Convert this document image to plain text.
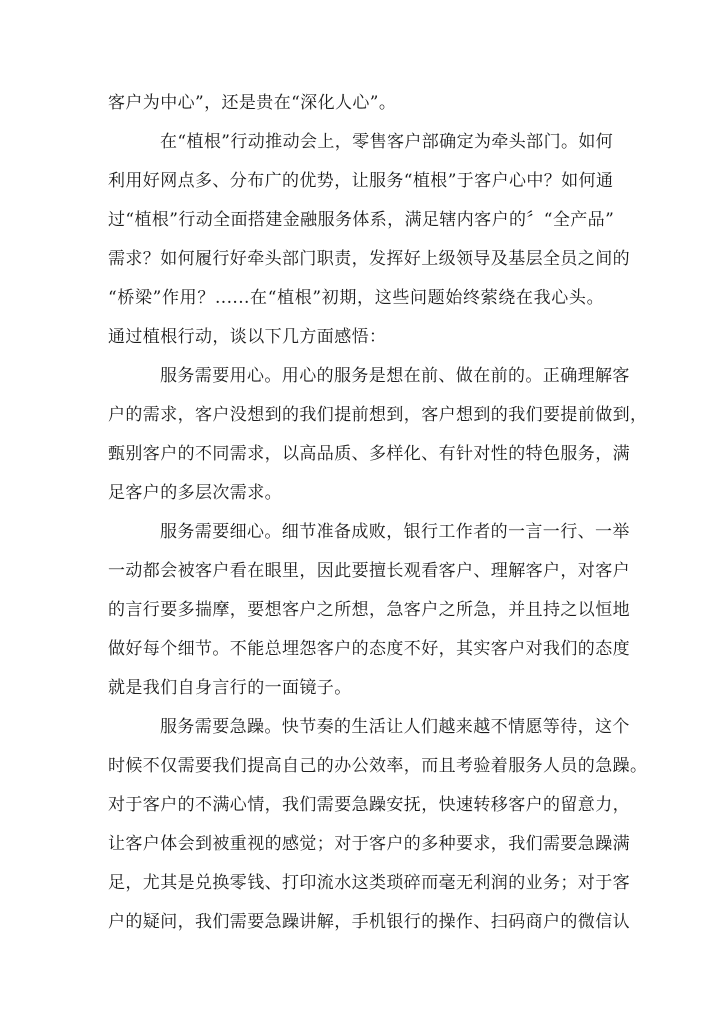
客户为中心”，还是贵在“深化人心”。
在“植根”行动推动会上，零售客户部确定为牵头部门。如何
利用好网点多、分布广的优势，让服务“植根”于客户心中？如何通
过“植根”行动全面搭建金融服务体系，满足辖内客户的〞“全产品”
需求？如何履行好牵头部门职责，发挥好上级领导及基层全员之间的
“桥梁”作用？......在“植根”初期，这些问题始终萦绕在我心头。
通过植根行动，谈以下几方面感悟：
服务需要用心。用心的服务是想在前、做在前的。正确理解客
户的需求，客户没想到的我们提前想到，客户想到的我们要提前做到，
甄别客户的不同需求，以高品质、多样化、有针对性的特色服务，满
足客户的多层次需求。
服务需要细心。细节准备成败，银行工作者的一言一行、一举
一动都会被客户看在眼里，因此要擅长观看客户、理解客户，对客户
的言行要多揣摩，要想客户之所想，急客户之所急，并且持之以恒地
做好每个细节。不能总埋怨客户的态度不好，其实客户对我们的态度
就是我们自身言行的一面镜子。
服务需要急躁。快节奏的生活让人们越来越不情愿等待，这个
时候不仅需要我们提高自己的办公效率，而且考验着服务人员的急躁。
对于客户的不满心情，我们需要急躁安抚，快速转移客户的留意力，
让客户体会到被重视的感觉；对于客户的多种要求，我们需要急躁满
足，尤其是兑换零钱、打印流水这类琐碎而毫无利润的业务；对于客
户的疑问，我们需要急躁讲解，手机银行的操作、扫码商户的微信认
